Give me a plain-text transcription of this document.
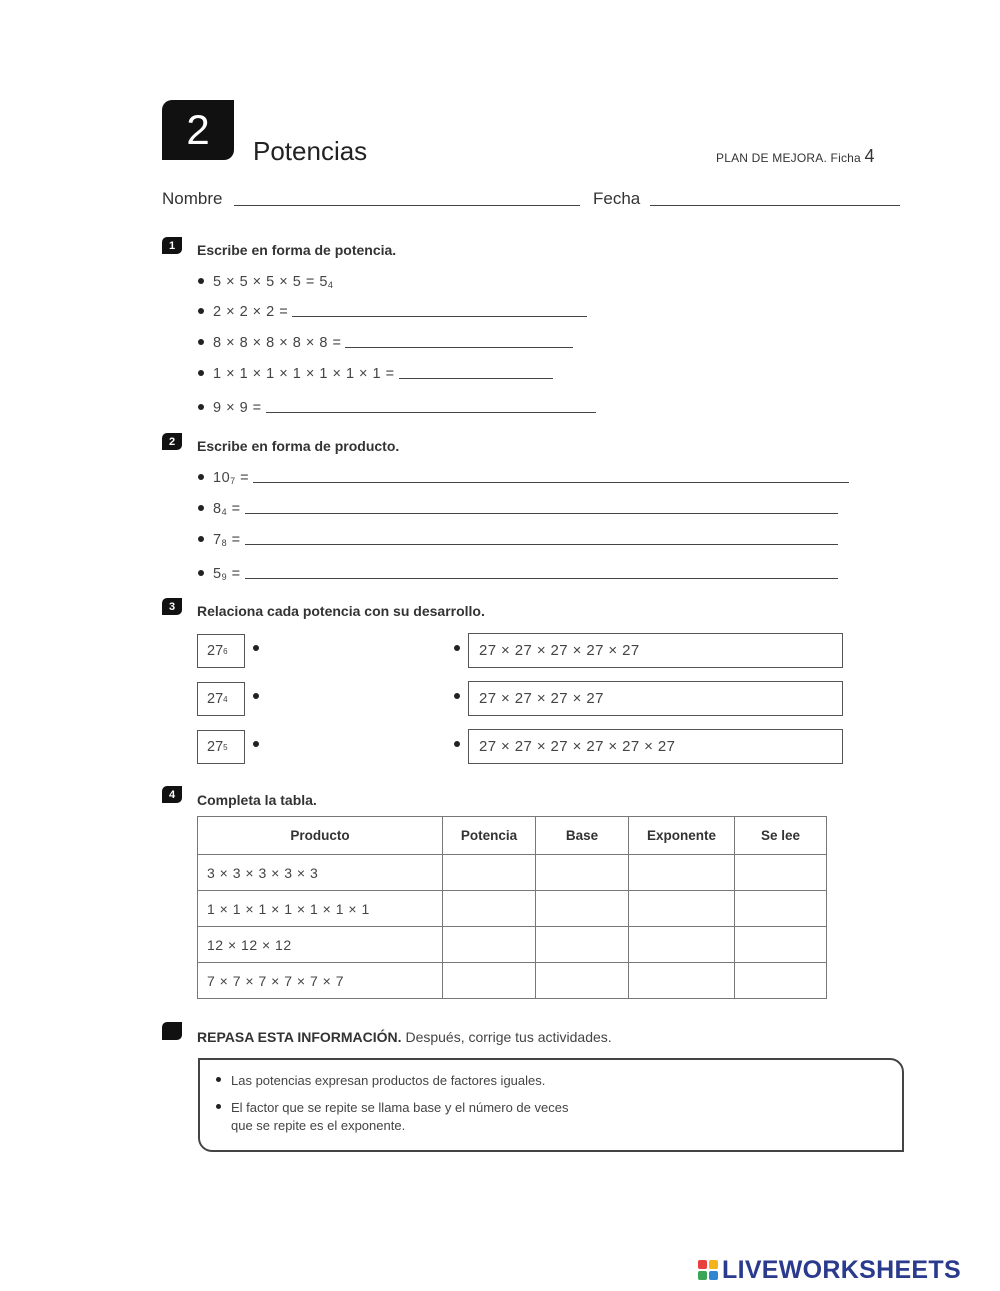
2	Potencias	PLAN DE MEJORA. Ficha 4
Nombre	Fecha
1	Escribe en forma de potencia.
$5 \times 5 \times 5 \times 5 = 5_4$
2 × 2 × 2 =
8 × 8 × 8 × 8 × 8 =
1 × 1 × 1 × 1 × 1 × 1 × 1 =
9 × 9 =
2	Escribe en forma de producto.
$10_7$ =
$8_4$ =
$7_8$ =
$5_9$ =
3	Relaciona cada potencia con su desarrollo.
27 6	27 × 27 × 27 × 27 × 27
27 4	27 × 27 × 27 × 27
27 5	27 × 27 × 27 × 27 × 27 × 27
4	Completa la tabla.
Producto	Potencia	Base	Exponente	Se lee
3 × 3 × 3 × 3 × 3				
1 × 1 × 1 × 1 × 1 × 1 × 1				
12 × 12 × 12				
7 × 7 × 7 × 7 × 7 × 7				
REPASA ESTA INFORMACIÓN. Después, corrige tus actividades.
Las potencias expresan productos de factores iguales.
El factor que se repite se llama base y el número de veces
que se repite es el exponente.
LIVEWORKSHEETS
